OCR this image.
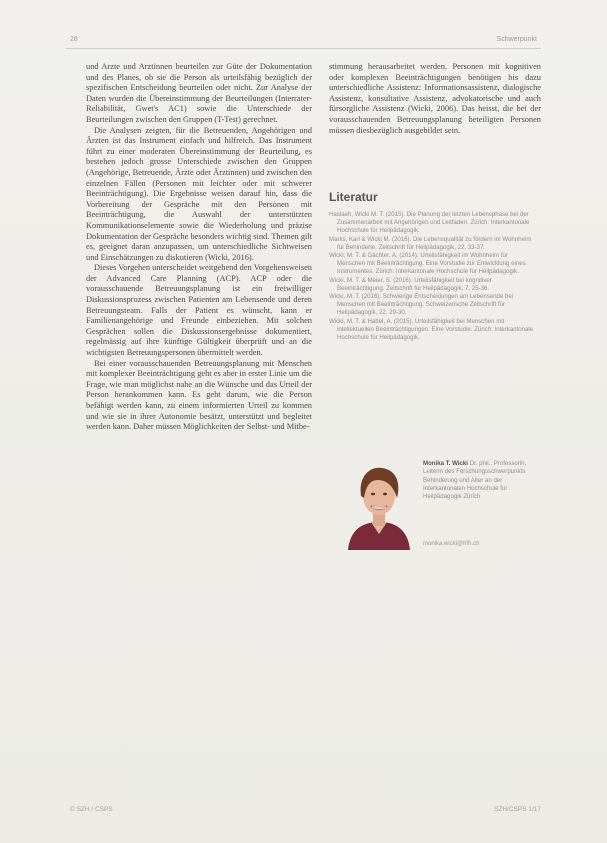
28	Schwerpunkt

und Arzte und Arztinnen beurteilen zur Güte der Dokumentation und des Planes, ob sie die Person als urteilsfähig bezüglich der spezifischen Entscheidung beurteilen oder nicht. Zur Analyse der Daten wurden die Übereinstimmung der Beurteilungen (Interrater-Reliabilität, Gwet's AC1) sowie die Unterschiede der Beurteilungen zwischen den Gruppen (T-Test) gerechnet.

Die Analysen zeigten, für die Betreuenden, Angehörigen und Ärzten ist das Instrument einfach und hilfreich. Das Instrument führt zu einer moderaten Übereinstimmung der Beurteilung, es bestehen jedoch grosse Unterschiede zwischen den Gruppen (Angehörige, Betreuende, Ärzte oder Ärztinnen) und zwischen den einzelnen Fällen (Personen mit leichter oder mit schwerer Beeinträchtigung). Die Ergebnisse weisen darauf hin, dass die Vorbereitung der Gespräche mit den Personen mit Beeinträchtigung, die Auswahl der unterstützten Kommunikationselemente sowie die Wiederholung und präzise Dokumentation der Gespräche besonders wichtig sind. Themen gilt es, geeignet daran anzupassen, um unterschiedliche Sichtweisen und Einschätzungen zu diskutieren (Wicki, 2016).

Dieses Vorgehen unterscheidet weitgehend den Vorgehensweisen der Advanced Care Planning (ACP). ACP oder die vorausschauende Betreuungsplanung ist ein freiwilliger Diskussionsprozess zwischen Patienten am Lebensende und deren Betreuungsteam. Falls der Patient es wünscht, kann er Familienangehörige und Freunde einbeziehen. Mit solchen Gesprächen sollen die Diskussionsergebnisse dokumentiert, regelmässig auf ihre künftige Gültigkeit überprüft und an die wichtigsten Betreuungspersonen übermittelt werden.

Bei einer vorausschauenden Betreuungsplanung mit Menschen mit komplexer Beeinträchtigung geht es aber in erster Linie um die Frage, wie man möglichst nahe an die Wünsche und das Urteil der Person herankommen kann. Es geht darum, wie die Person befähigt werden kann, zu einem informierten Urteil zu kommen und wie sie in ihrer Autonomie besätzt, unterstützt und begleitet werden kann. Daher müssen Möglichkeiten der Selbst- und Mitbe-

stimmung herausarbeitet werden. Personen mit kognitiven oder komplexen Beeinträchtigungen benötigen bis dazu unterschiedliche Assistenz: Informationsassistenz, dialogische Assistenz, konsultative Assistenz, advokatorische und auch fürsorgliche Assistenz (Wicki, 2006). Das heisst, die bei der vorausschauenden Betreuungsplanung beteiligten Personen müssen diesbezüglich ausgebildet sein.

Literatur

Haslaeh, Wicki M. T. (2015). Die Planung der letzten Lebensphase bei der Zusammenarbeit mit Angehörigen und Leitfaden. Zürich: Interkantonale Hochschule für Heilpädagogik.

Marks, Karl & Wicki M. (2016). Die Lebensqualität zu fördern im Wohnheim für Behinderte. Zeitschrift für Heilpädagogik, 22, 33-37.

Wicki, M. T. & Gächter, A. (2014). Urteilsfähigkeit im Wohnheim für Menschen mit Beeinträchtigung. Eine Vorstudie zur Entwicklung eines Instrumentes. Zürich: Interkantonale Hochschule für Heilpädagogik.

Wicki, M. T. & Meier, S. (2016). Urteilsfähigkeit bei kognitiver Beeinträchtigung. Zeitschrift für Heilpädagogik, 7, 25-36.

Wicki, M. T. (2016). Schwierige Entscheidungen am Lebensende bei Menschen mit Beeinträchtigung. Schweizerische Zeitschrift für Heilpädagogik, 22, 29-30.

Wicki, M. T. & Hattel, A. (2015). Urteilsfähigkeit bei Menschen mit intellektuellen Beeinträchtigungen. Eine Vorstudie. Zürich: Interkantonale Hochschule für Heilpädagogik.

Monika T. Wicki Dr. phil., Professorin, Leiterin des Forschungsschwerpunkts Behinderung und Alter an der Interkantonalen Hochschule für Heilpädagogik Zürich
monika.wicki@hfh.ch
© SZH / CSPS	SZH/CSPS 1/17
